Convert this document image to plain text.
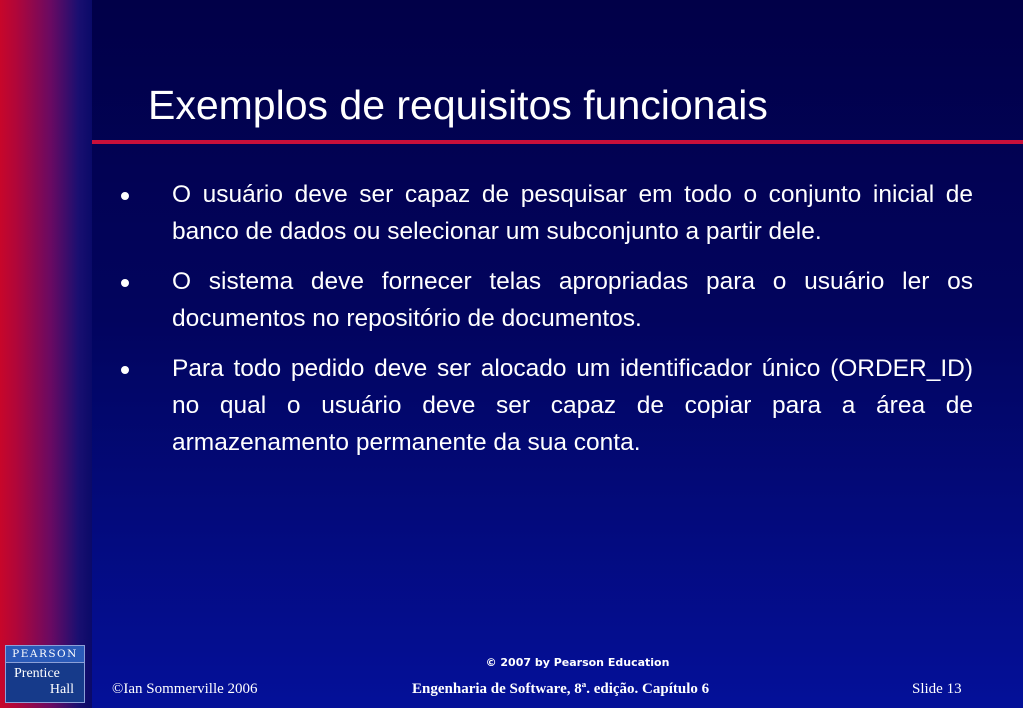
Exemplos de requisitos funcionais
O usuário deve ser capaz de pesquisar em todo o conjunto inicial de banco de dados ou selecionar um subconjunto a partir dele.
O sistema deve fornecer telas apropriadas para o usuário ler os documentos no repositório de documentos.
Para todo pedido deve ser alocado um identificador único (ORDER_ID) no qual o usuário deve ser capaz de copiar para a área de armazenamento permanente da sua conta.
© 2007 by Pearson Education
©Ian Sommerville 2006	Engenharia de Software, 8ª. edição. Capítulo 6	Slide 13
PEARSON
Prentice
Hall
